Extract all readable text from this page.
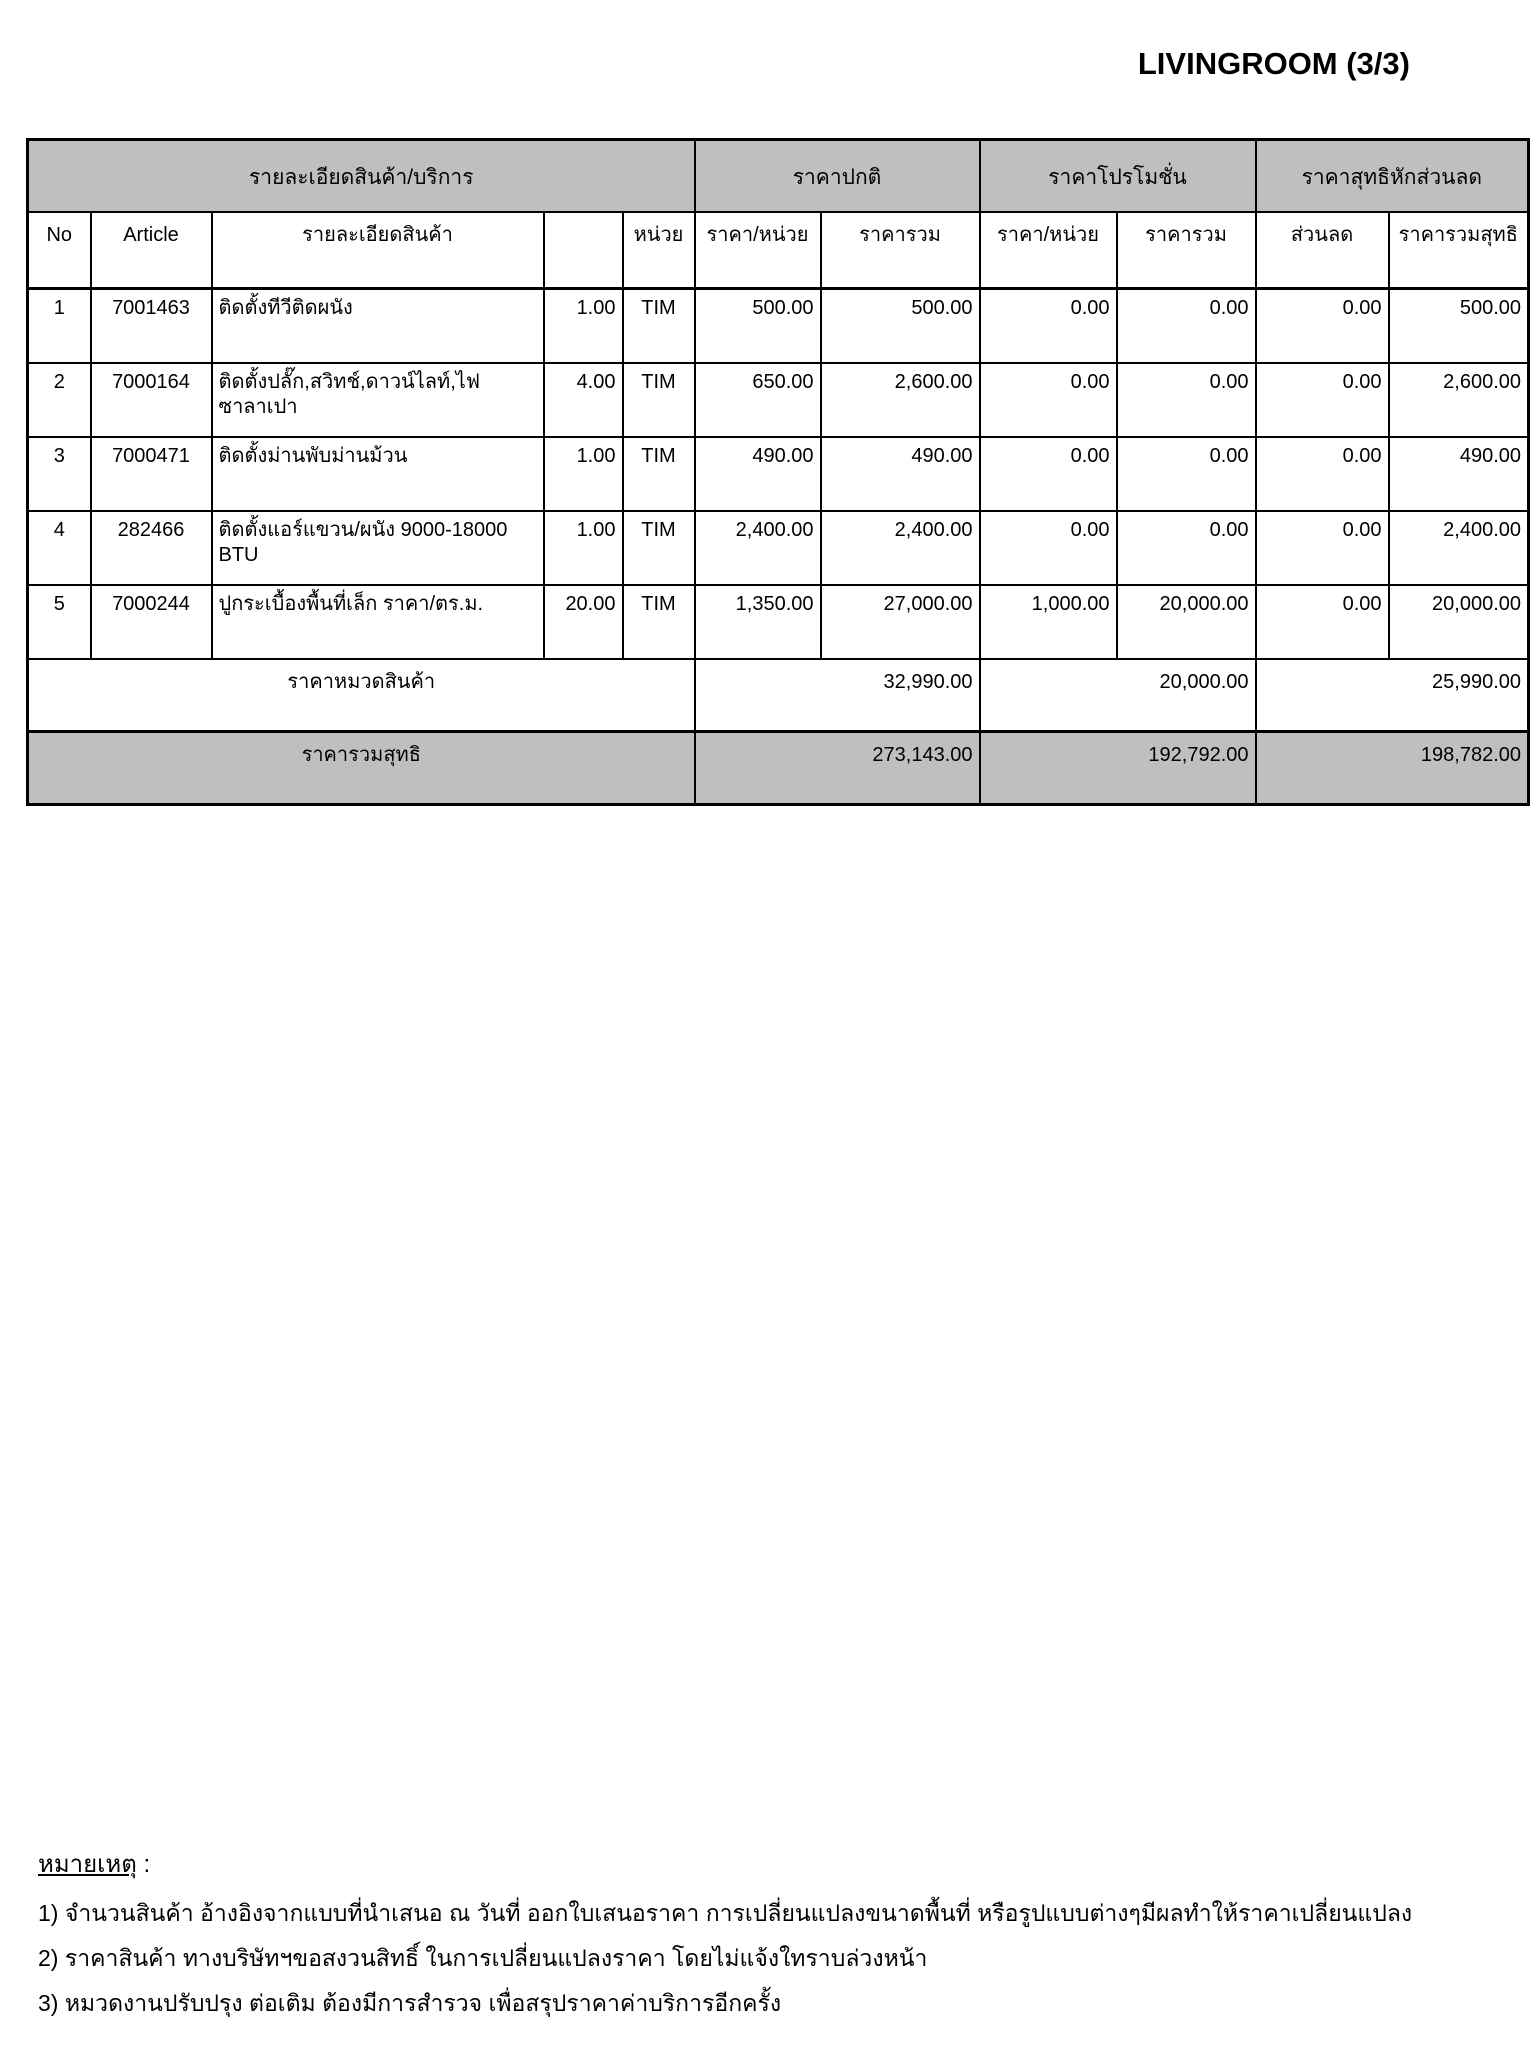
LIVINGROOM (3/3)
รายละเอียดสินค้า/บริการ					ราคาปกติ		ราคาโปรโมชั่น		ราคาสุทธิหักส่วนลด	
No	Article	รายละเอียดสินค้า		หน่วย	ราคา/หน่วย	ราคารวม	ราคา/หน่วย	ราคารวม	ส่วนลด	ราคารวมสุทธิ
1	7001463	ติดตั้งทีวีติดผนัง	1.00	TIM	500.00	500.00	0.00	0.00	0.00	500.00
2	7000164	ติดตั้งปลั๊ก,สวิทช์,ดาวน์ไลท์,ไฟซาลาเปา	4.00	TIM	650.00	2,600.00	0.00	0.00	0.00	2,600.00
3	7000471	ติดตั้งม่านพับม่านม้วน	1.00	TIM	490.00	490.00	0.00	0.00	0.00	490.00
4	282466	ติดตั้งแอร์แขวน/ผนัง 9000-18000 BTU	1.00	TIM	2,400.00	2,400.00	0.00	0.00	0.00	2,400.00
5	7000244	ปูกระเบื้องพื้นที่เล็ก ราคา/ตร.ม.	20.00	TIM	1,350.00	27,000.00	1,000.00	20,000.00	0.00	20,000.00
ราคาหมวดสินค้า					32,990.00		20,000.00		25,990.00	
ราคารวมสุทธิ					273,143.00		192,792.00		198,782.00	
หมายเหตุ :
1) จำนวนสินค้า อ้างอิงจากแบบที่นำเสนอ ณ วันที่ ออกใบเสนอราคา การเปลี่ยนแปลงขนาดพื้นที่ หรือรูปแบบต่างๆมีผลทำให้ราคาเปลี่ยนแปลง
2) ราคาสินค้า ทางบริษัทฯขอสงวนสิทธิ์ ในการเปลี่ยนแปลงราคา โดยไม่แจ้งใทราบล่วงหน้า
3) หมวดงานปรับปรุง ต่อเติม ต้องมีการสำรวจ เพื่อสรุปราคาค่าบริการอีกครั้ง
